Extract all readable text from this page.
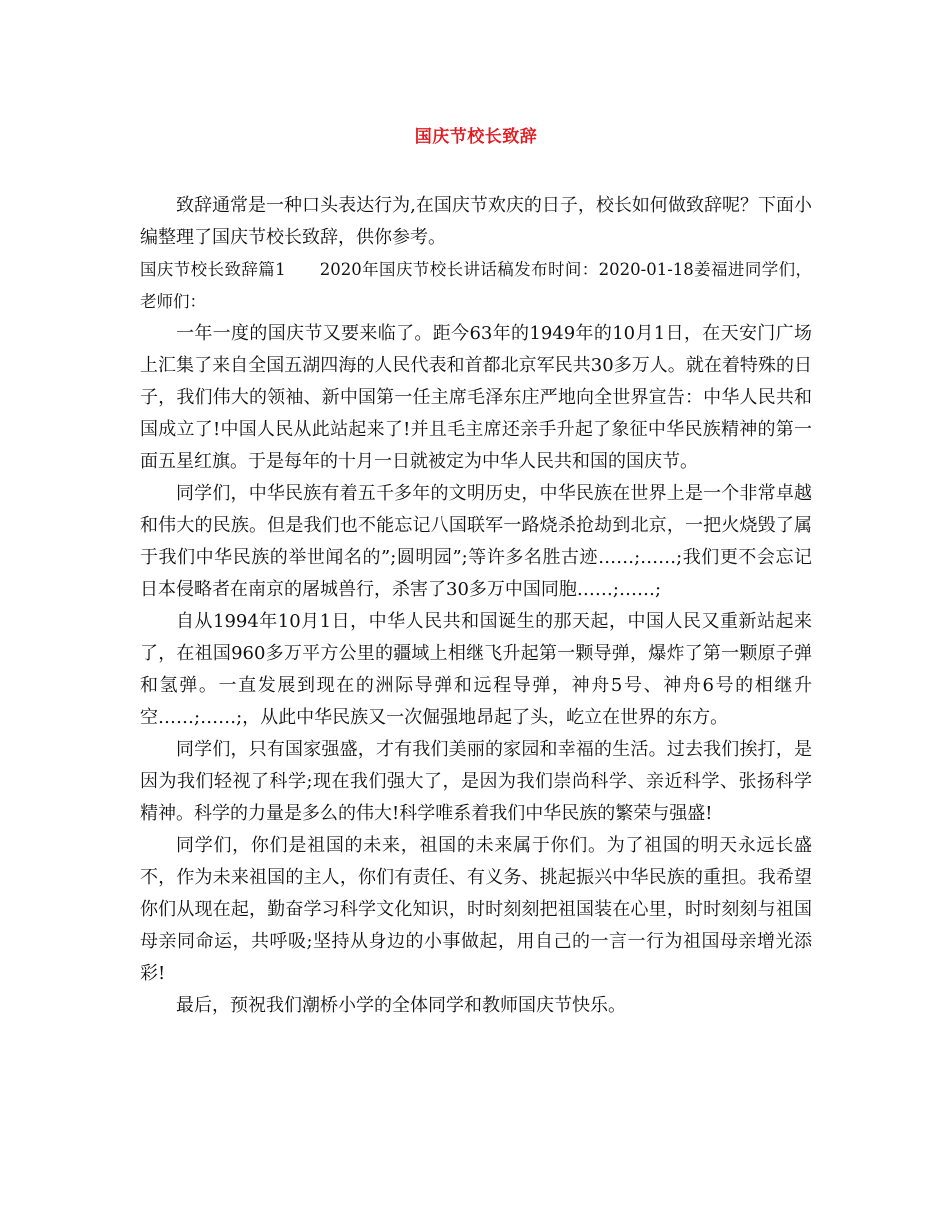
国庆节校长致辞

致辞通常是一种口头表达行为,在国庆节欢庆的日子，校长如何做致辞呢？下面小编整理了国庆节校长致辞，供你参考。

国庆节校长致辞篇1　　2020年国庆节校长讲话稿发布时间：2020-01-18姜福进同学们，老师们：

一年一度的国庆节又要来临了。距今63年的1949年的10月1日，在天安门广场上汇集了来自全国五湖四海的人民代表和首都北京军民共30多万人。就在着特殊的日子，我们伟大的领袖、新中国第一任主席毛泽东庄严地向全世界宣告：中华人民共和国成立了!中国人民从此站起来了!并且毛主席还亲手升起了象征中华民族精神的第一面五星红旗。于是每年的十月一日就被定为中华人民共和国的国庆节。

同学们，中华民族有着五千多年的文明历史，中华民族在世界上是一个非常卓越和伟大的民族。但是我们也不能忘记八国联军一路烧杀抢劫到北京，一把火烧毁了属于我们中华民族的举世闻名的”;圆明园”;等许多名胜古迹……;……;我们更不会忘记日本侵略者在南京的屠城兽行，杀害了30多万中国同胞……;……;

自从1994年10月1日，中华人民共和国诞生的那天起，中国人民又重新站起来了，在祖国960多万平方公里的疆域上相继飞升起第一颗导弹，爆炸了第一颗原子弹和氢弹。一直发展到现在的洲际导弹和远程导弹，神舟5号、神舟6号的相继升空……;……;，从此中华民族又一次倔强地昂起了头，屹立在世界的东方。

同学们，只有国家强盛，才有我们美丽的家园和幸福的生活。过去我们挨打，是因为我们轻视了科学;现在我们强大了，是因为我们崇尚科学、亲近科学、张扬科学精神。科学的力量是多么的伟大!科学唯系着我们中华民族的繁荣与强盛!

同学们，你们是祖国的未来，祖国的未来属于你们。为了祖国的明天永远长盛不，作为未来祖国的主人，你们有责任、有义务、挑起振兴中华民族的重担。我希望你们从现在起，勤奋学习科学文化知识，时时刻刻把祖国装在心里，时时刻刻与祖国母亲同命运，共呼吸;坚持从身边的小事做起，用自己的一言一行为祖国母亲增光添彩!

最后，预祝我们潮桥小学的全体同学和教师国庆节快乐。
